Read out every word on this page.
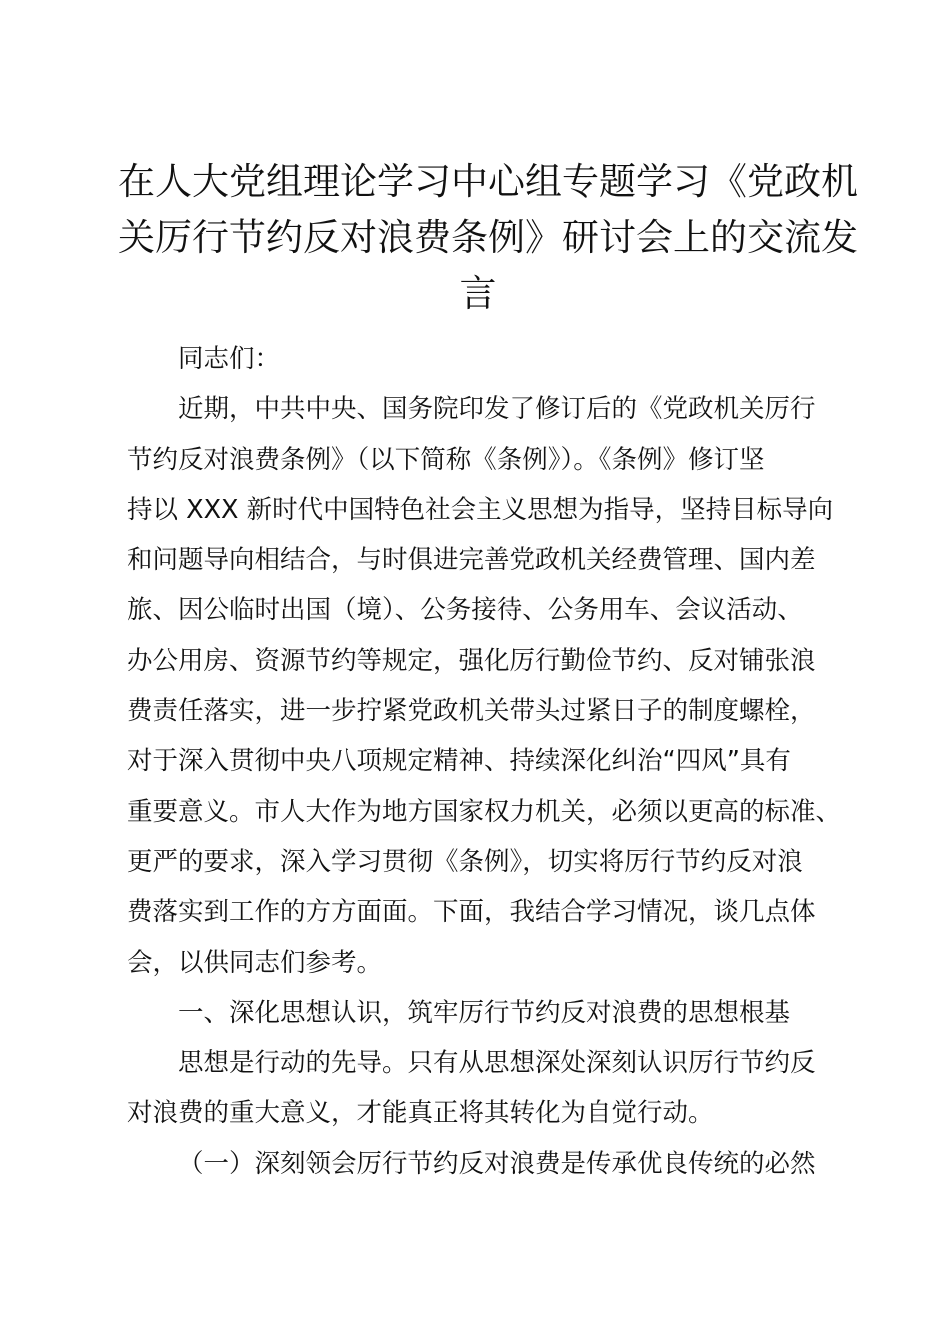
在人大党组理论学习中心组专题学习《党政机
关厉行节约反对浪费条例》研讨会上的交流发
言
同志们：
近期，中共中央、国务院印发了修订后的《党政机关厉行
节约反对浪费条例》（以下简称《条例》）。《条例》修订坚
持以 XXX 新时代中国特色社会主义思想为指导，坚持目标导向
和问题导向相结合，与时俱进完善党政机关经费管理、国内差
旅、因公临时出国（境）、公务接待、公务用车、会议活动、
办公用房、资源节约等规定，强化厉行勤俭节约、反对铺张浪
费责任落实，进一步拧紧党政机关带头过紧日子的制度螺栓，
对于深入贯彻中央八项规定精神、持续深化纠治“四风”具有
重要意义。市人大作为地方国家权力机关，必须以更高的标准、
更严的要求，深入学习贯彻《条例》，切实将厉行节约反对浪
费落实到工作的方方面面。下面，我结合学习情况，谈几点体
会，以供同志们参考。
一、深化思想认识，筑牢厉行节约反对浪费的思想根基
思想是行动的先导。只有从思想深处深刻认识厉行节约反
对浪费的重大意义，才能真正将其转化为自觉行动。
（一）深刻领会厉行节约反对浪费是传承优良传统的必然
